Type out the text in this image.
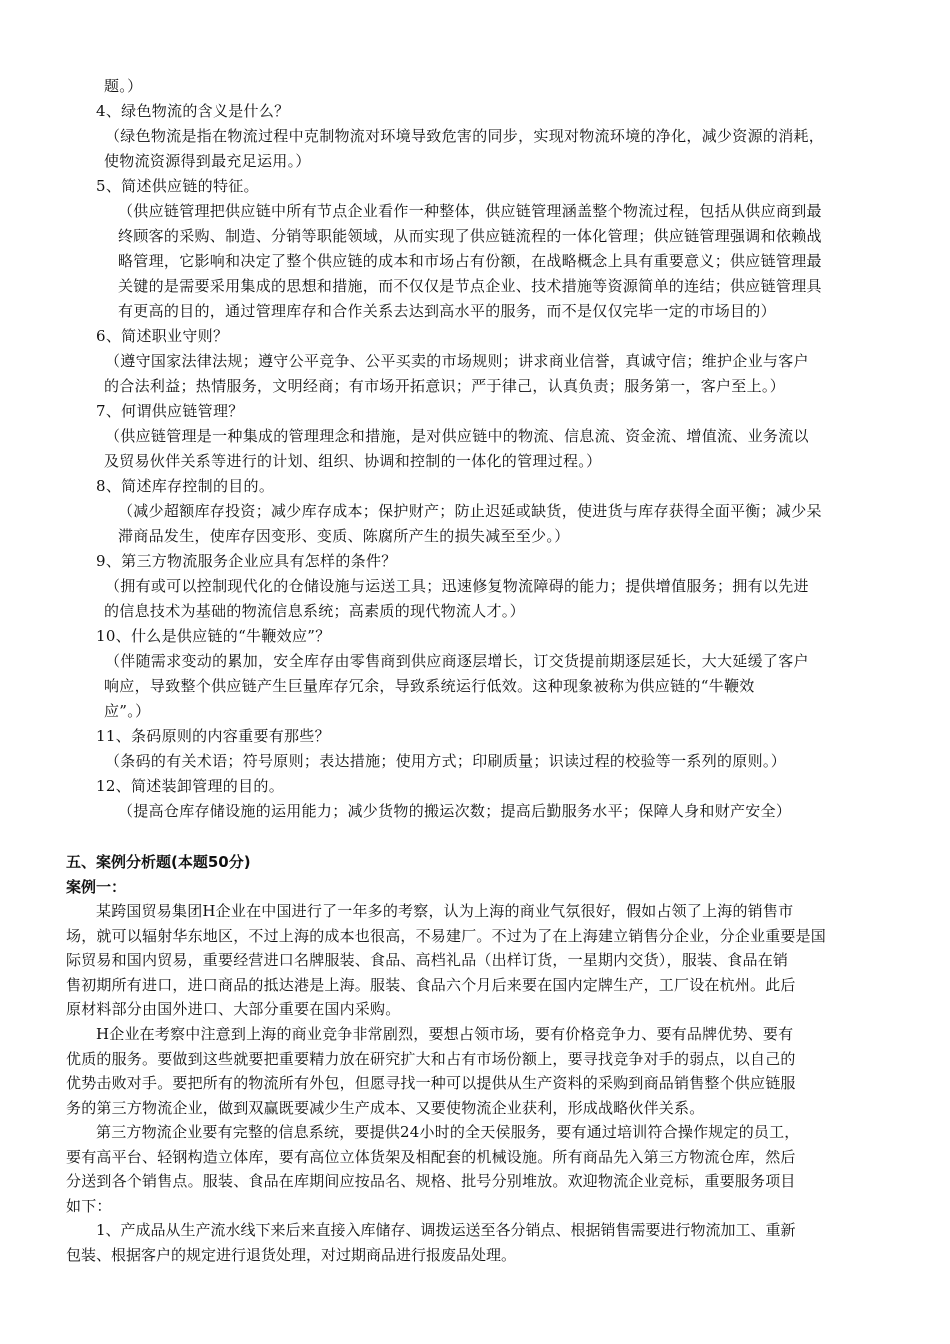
题。）
4、绿色物流的含义是什么？
（绿色物流是指在物流过程中克制物流对环境导致危害的同步，实现对物流环境的净化，减少资源的消耗，
使物流资源得到最充足运用。）
5、简述供应链的特征。
（供应链管理把供应链中所有节点企业看作一种整体，供应链管理涵盖整个物流过程，包括从供应商到最
终顾客的采购、制造、分销等职能领域，从而实现了供应链流程的一体化管理；供应链管理强调和依赖战
略管理，它影响和决定了整个供应链的成本和市场占有份额，在战略概念上具有重要意义；供应链管理最
关键的是需要采用集成的思想和措施，而不仅仅是节点企业、技术措施等资源简单的连结；供应链管理具
有更高的目的，通过管理库存和合作关系去达到高水平的服务，而不是仅仅完毕一定的市场目的）
6、简述职业守则？
（遵守国家法律法规；遵守公平竞争、公平买卖的市场规则；讲求商业信誉，真诚守信；维护企业与客户
的合法利益；热情服务，文明经商；有市场开拓意识；严于律己，认真负责；服务第一，客户至上。）
7、何谓供应链管理？
（供应链管理是一种集成的管理理念和措施，是对供应链中的物流、信息流、资金流、增值流、业务流以
及贸易伙伴关系等进行的计划、组织、协调和控制的一体化的管理过程。）
8、简述库存控制的目的。
（减少超额库存投资；减少库存成本；保护财产；防止迟延或缺货，使进货与库存获得全面平衡；减少呆
滞商品发生，使库存因变形、变质、陈腐所产生的损失减至至少。）
9、第三方物流服务企业应具有怎样的条件？
（拥有或可以控制现代化的仓储设施与运送工具；迅速修复物流障碍的能力；提供增值服务；拥有以先进
的信息技术为基础的物流信息系统；高素质的现代物流人才。）
10、什么是供应链的“牛鞭效应”？
（伴随需求变动的累加，安全库存由零售商到供应商逐层增长，订交货提前期逐层延长，大大延缓了客户
响应，导致整个供应链产生巨量库存冗余，导致系统运行低效。这种现象被称为供应链的“牛鞭效
应”。）
11、条码原则的内容重要有那些？
（条码的有关术语；符号原则；表达措施；使用方式；印刷质量；识读过程的校验等一系列的原则。）
12、简述装卸管理的目的。
（提高仓库存储设施的运用能力；减少货物的搬运次数；提高后勤服务水平；保障人身和财产安全）
五、案例分析题(本题50分)
案例一：
某跨国贸易集团H企业在中国进行了一年多的考察，认为上海的商业气氛很好，假如占领了上海的销售市
场，就可以辐射华东地区，不过上海的成本也很高，不易建厂。不过为了在上海建立销售分企业，分企业重要是国
际贸易和国内贸易，重要经营进口名牌服装、食品、高档礼品（出样订货，一星期内交货），服装、食品在销
售初期所有进口，进口商品的抵达港是上海。服装、食品六个月后来要在国内定牌生产，工厂设在杭州。此后
原材料部分由国外进口、大部分重要在国内采购。
H企业在考察中注意到上海的商业竞争非常剧烈，要想占领市场，要有价格竞争力、要有品牌优势、要有
优质的服务。要做到这些就要把重要精力放在研究扩大和占有市场份额上，要寻找竞争对手的弱点，以自己的
优势击败对手。要把所有的物流所有外包，但愿寻找一种可以提供从生产资料的采购到商品销售整个供应链服
务的第三方物流企业，做到双赢既要减少生产成本、又要使物流企业获利，形成战略伙伴关系。
第三方物流企业要有完整的信息系统，要提供24小时的全天侯服务，要有通过培训符合操作规定的员工，
要有高平台、轻钢构造立体库，要有高位立体货架及相配套的机械设施。所有商品先入第三方物流仓库，然后
分送到各个销售点。服装、食品在库期间应按品名、规格、批号分别堆放。欢迎物流企业竞标，重要服务项目
如下：
1、产成品从生产流水线下来后来直接入库储存、调拨运送至各分销点、根据销售需要进行物流加工、重新
包装、根据客户的规定进行退货处理，对过期商品进行报废品处理。
